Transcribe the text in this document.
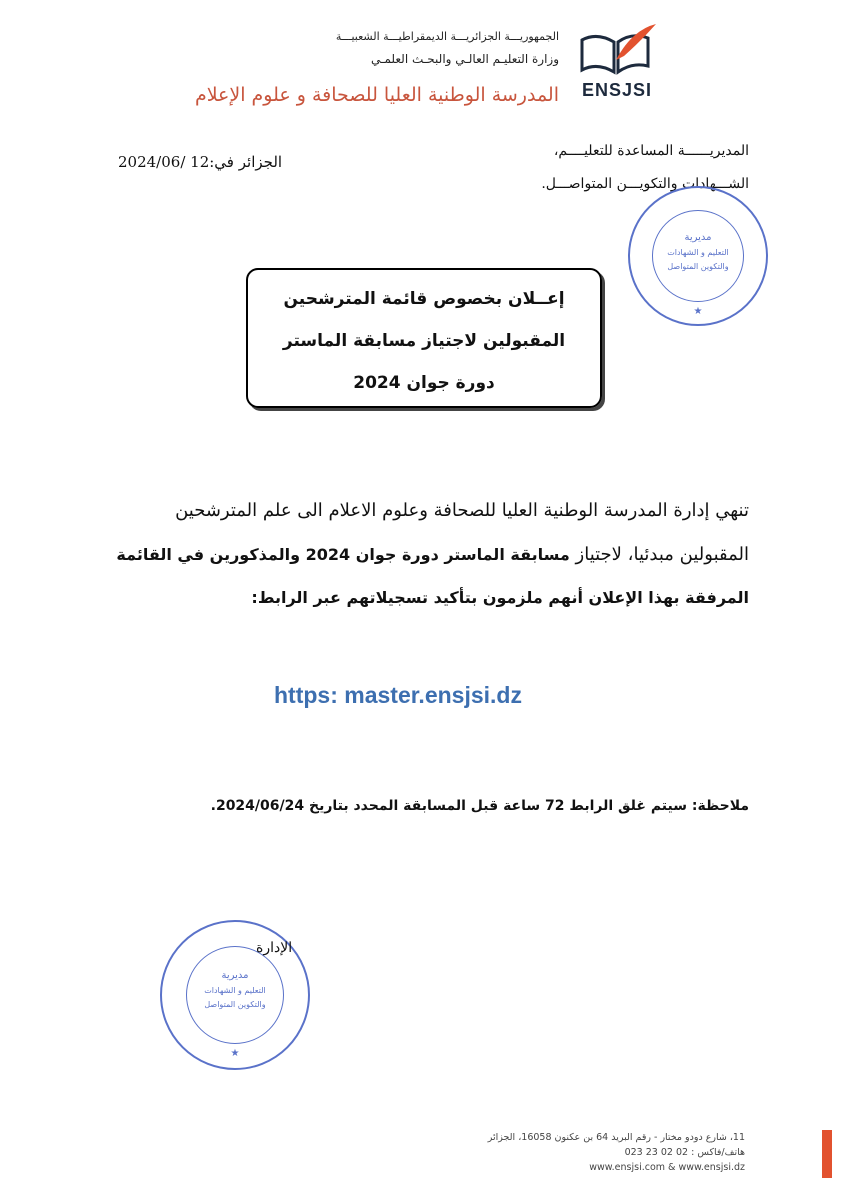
الجمهوريـــة الجزائريـــة الديمقراطيـــة الشعبيـــة
وزارة التعليـم العالـي والبحـث العلمـي
المدرسة الوطنية العليا للصحافة و علوم الإعلام ENSJSI
المديريــــــة المساعدة للتعليــــم،
الشـــهادات والتكويـــن المتواصـــل.
الجزائر في:12 /2024/06
مديرية
التعليم و الشهادات
والتكوين المتواصل
★
إعــلان بخصوص قائمة المترشحين
المقبولين لاجتياز مسابقة الماستر
دورة جوان 2024
تنهي إدارة المدرسة الوطنية العليا للصحافة وعلوم الاعلام الى علم المترشحين
المقبولين مبدئيا، لاجتياز مسابقة الماستر دورة جوان 2024 والمذكورين في القائمة
المرفقة بهذا الإعلان أنهم ملزمون بتأكيد تسجيلاتهم عبر الرابط:
https: master.ensjsi.dz
ملاحظة: سيتم غلق الرابط 72 ساعة قبل المسابقة المحدد بتاريخ 2024/06/24.
مديرية
التعليم و الشهادات
والتكوين المتواصل
★
الإدارة
11، شارع دودو مختار - رقم البريد 64 بن عكنون 16058، الجزائر
هاتف/فاكس : 02 02 23 023
www.ensjsi.com & www.ensjsi.dz
